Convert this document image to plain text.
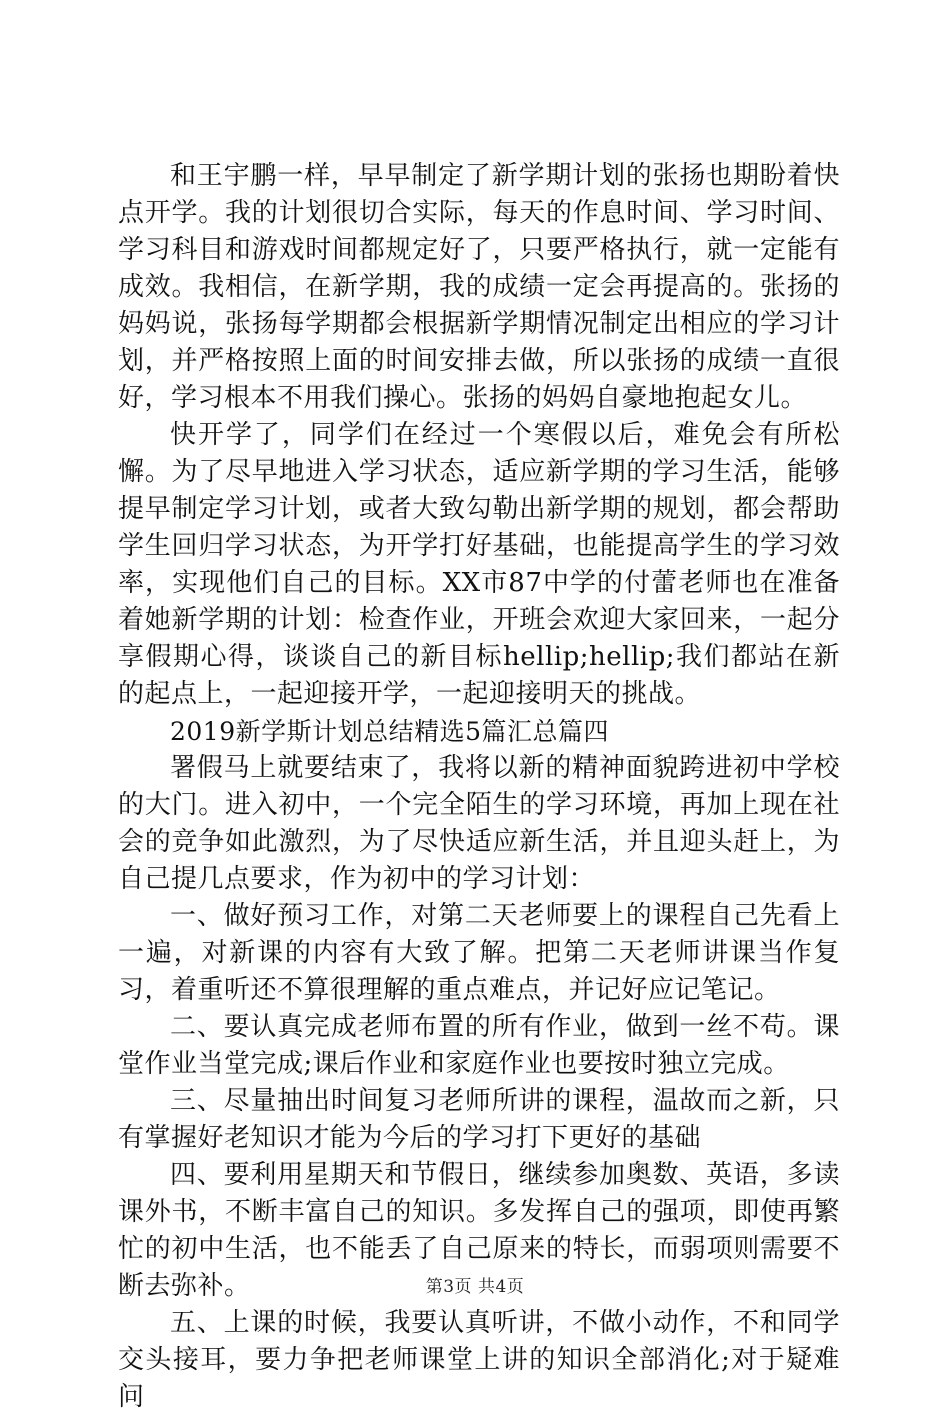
和王宇鹏一样，早早制定了新学期计划的张扬也期盼着快点开学。我的计划很切合实际，每天的作息时间、学习时间、学习科目和游戏时间都规定好了，只要严格执行，就一定能有成效。我相信，在新学期，我的成绩一定会再提高的。张扬的妈妈说，张扬每学期都会根据新学期情况制定出相应的学习计划，并严格按照上面的时间安排去做，所以张扬的成绩一直很好，学习根本不用我们操心。张扬的妈妈自豪地抱起女儿。

快开学了，同学们在经过一个寒假以后，难免会有所松懈。为了尽早地进入学习状态，适应新学期的学习生活，能够提早制定学习计划，或者大致勾勒出新学期的规划，都会帮助学生回归学习状态，为开学打好基础，也能提高学生的学习效率，实现他们自己的目标。XX市87中学的付蕾老师也在准备着她新学期的计划：检查作业，开班会欢迎大家回来，一起分享假期心得，谈谈自己的新目标hellip;hellip;我们都站在新的起点上，一起迎接开学，一起迎接明天的挑战。

2019新学斯计划总结精选5篇汇总篇四

署假马上就要结束了，我将以新的精神面貌跨进初中学校的大门。进入初中，一个完全陌生的学习环境，再加上现在社会的竞争如此激烈，为了尽快适应新生活，并且迎头赶上，为自己提几点要求，作为初中的学习计划：

一、做好预习工作，对第二天老师要上的课程自己先看上一遍，对新课的内容有大致了解。把第二天老师讲课当作复习，着重听还不算很理解的重点难点，并记好应记笔记。

二、要认真完成老师布置的所有作业，做到一丝不苟。课堂作业当堂完成;课后作业和家庭作业也要按时独立完成。

三、尽量抽出时间复习老师所讲的课程，温故而之新，只有掌握好老知识才能为今后的学习打下更好的基础

四、要利用星期天和节假日，继续参加奥数、英语，多读课外书，不断丰富自己的知识。多发挥自己的强项，即使再繁忙的初中生活，也不能丢了自己原来的特长，而弱项则需要不断去弥补。

五、上课的时候，我要认真听讲，不做小动作，不和同学交头接耳，要力争把老师课堂上讲的知识全部消化;对于疑难问

第3页 共4页
